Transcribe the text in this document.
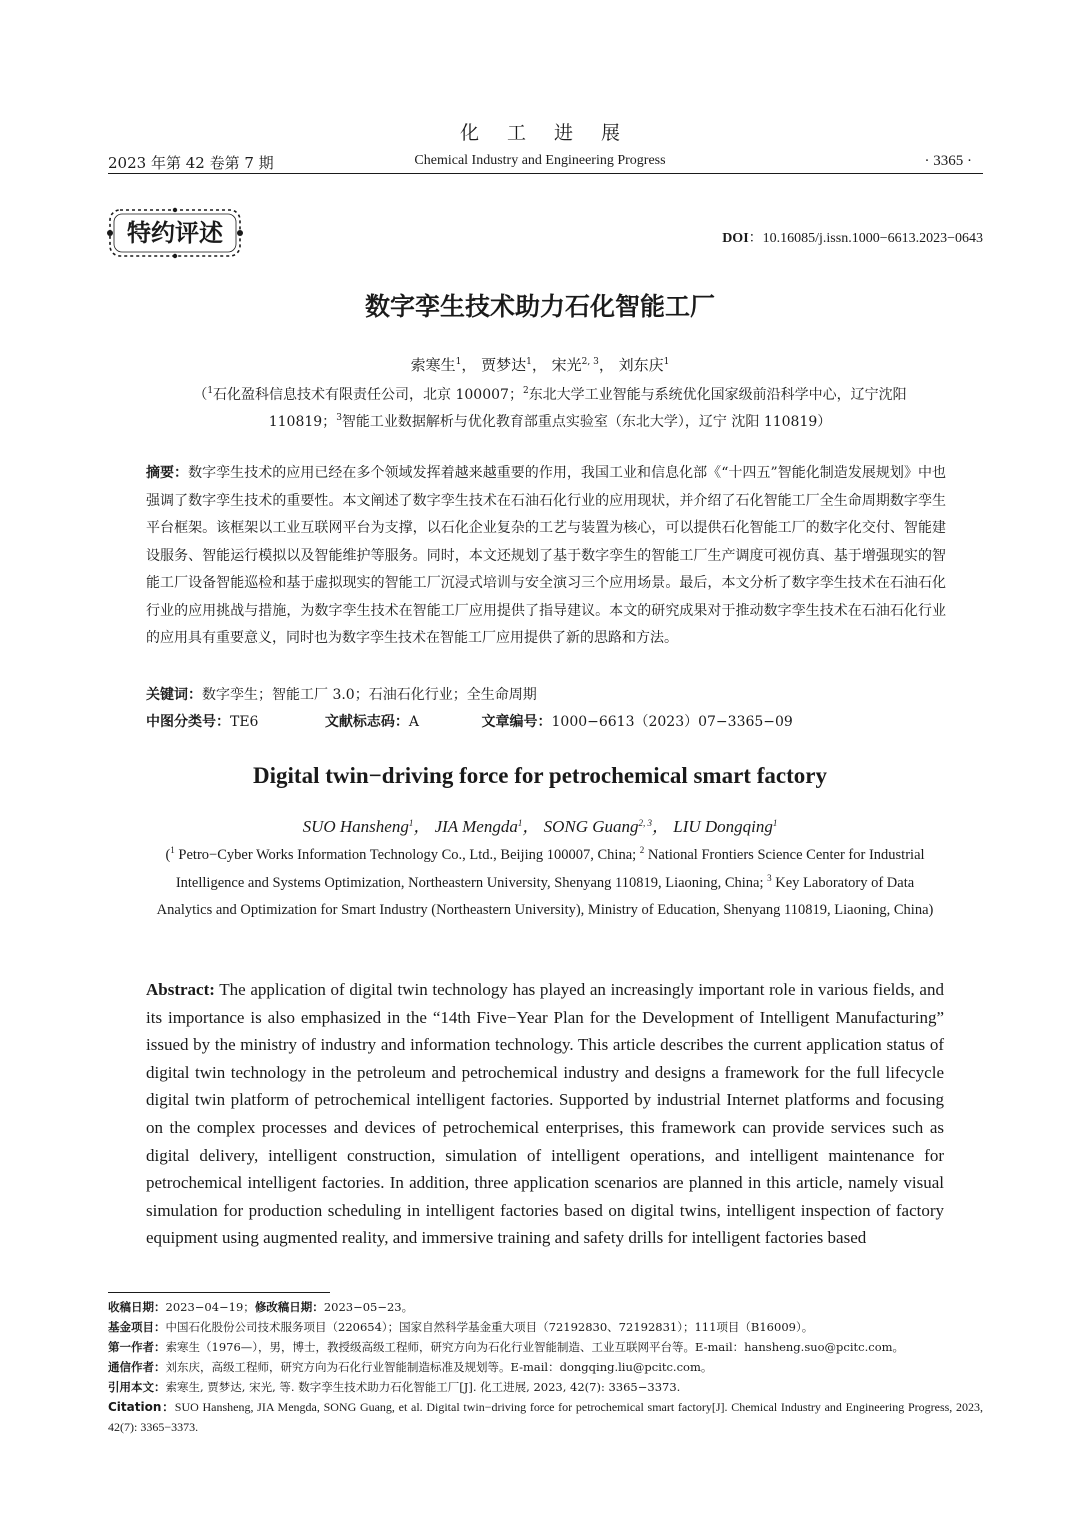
化工进展
2023 年第 42 卷第 7 期	Chemical Industry and Engineering Progress	· 3365 ·
特约评述	DOI：10.16085/j.issn.1000−6613.2023−0643
数字孪生技术助力石化智能工厂
索寒生$^1$， 贾梦达$^1$， 宋光$^{2, 3}$， 刘东庆$^1$
（$^1$石化盈科信息技术有限责任公司，北京 100007；$^2$东北大学工业智能与系统优化国家级前沿科学中心，辽宁沈阳 110819；$^3$智能工业数据解析与优化教育部重点实验室（东北大学），辽宁 沈阳 110819）
摘要：数字孪生技术的应用已经在多个领域发挥着越来越重要的作用，我国工业和信息化部《“十四五”智能化制造发展规划》中也强调了数字孪生技术的重要性。本文阐述了数字孪生技术在石油石化行业的应用现状，并介绍了石化智能工厂全生命周期数字孪生平台框架。该框架以工业互联网平台为支撑，以石化企业复杂的工艺与装置为核心，可以提供石化智能工厂的数字化交付、智能建设服务、智能运行模拟以及智能维护等服务。同时，本文还规划了基于数字孪生的智能工厂生产调度可视仿真、基于增强现实的智能工厂设备智能巡检和基于虚拟现实的智能工厂沉浸式培训与安全演习三个应用场景。最后，本文分析了数字孪生技术在石油石化行业的应用挑战与措施，为数字孪生技术在智能工厂应用提供了指导建议。本文的研究成果对于推动数字孪生技术在石油石化行业的应用具有重要意义，同时也为数字孪生技术在智能工厂应用提供了新的思路和方法。
关键词：数字孪生；智能工厂 3.0；石油石化行业；全生命周期
中图分类号：TE6	文献标志码：A	文章编号：1000−6613（2023）07−3365−09
Digital twin−driving force for petrochemical smart factory
SUO Hansheng$^1$， JIA Mengda$^1$， SONG Guang$^{2, 3}$， LIU Dongqing$^1$
($^1$ Petro−Cyber Works Information Technology Co., Ltd., Beijing 100007, China; $^2$ National Frontiers Science Center for Industrial Intelligence and Systems Optimization, Northeastern University, Shenyang 110819, Liaoning, China; $^3$ Key Laboratory of Data Analytics and Optimization for Smart Industry (Northeastern University), Ministry of Education, Shenyang 110819, Liaoning, China)
Abstract: The application of digital twin technology has played an increasingly important role in various fields, and its importance is also emphasized in the “14th Five−Year Plan for the Development of Intelligent Manufacturing” issued by the ministry of industry and information technology. This article describes the current application status of digital twin technology in the petroleum and petrochemical industry and designs a framework for the full lifecycle digital twin platform of petrochemical intelligent factories. Supported by industrial Internet platforms and focusing on the complex processes and devices of petrochemical enterprises, this framework can provide services such as digital delivery, intelligent construction, simulation of intelligent operations, and intelligent maintenance for petrochemical intelligent factories. In addition, three application scenarios are planned in this article, namely visual simulation for production scheduling in intelligent factories based on digital twins, intelligent inspection of factory equipment using augmented reality, and immersive training and safety drills for intelligent factories based
收稿日期：2023−04−19；修改稿日期：2023−05−23。
基金项目：中国石化股份公司技术服务项目（220654）；国家自然科学基金重大项目（72192830、72192831）；111项目（B16009）。
第一作者：索寒生（1976—），男，博士，教授级高级工程师，研究方向为石化行业智能制造、工业互联网平台等。E-mail：hansheng.suo@pcitc.com。
通信作者：刘东庆，高级工程师，研究方向为石化行业智能制造标准及规划等。E-mail：dongqing.liu@pcitc.com。
引用本文：索寒生, 贾梦达, 宋光, 等. 数字孪生技术助力石化智能工厂[J]. 化工进展, 2023, 42(7): 3365−3373.
Citation：SUO Hansheng, JIA Mengda, SONG Guang, et al. Digital twin−driving force for petrochemical smart factory[J]. Chemical Industry and Engineering Progress, 2023, 42(7): 3365−3373.
